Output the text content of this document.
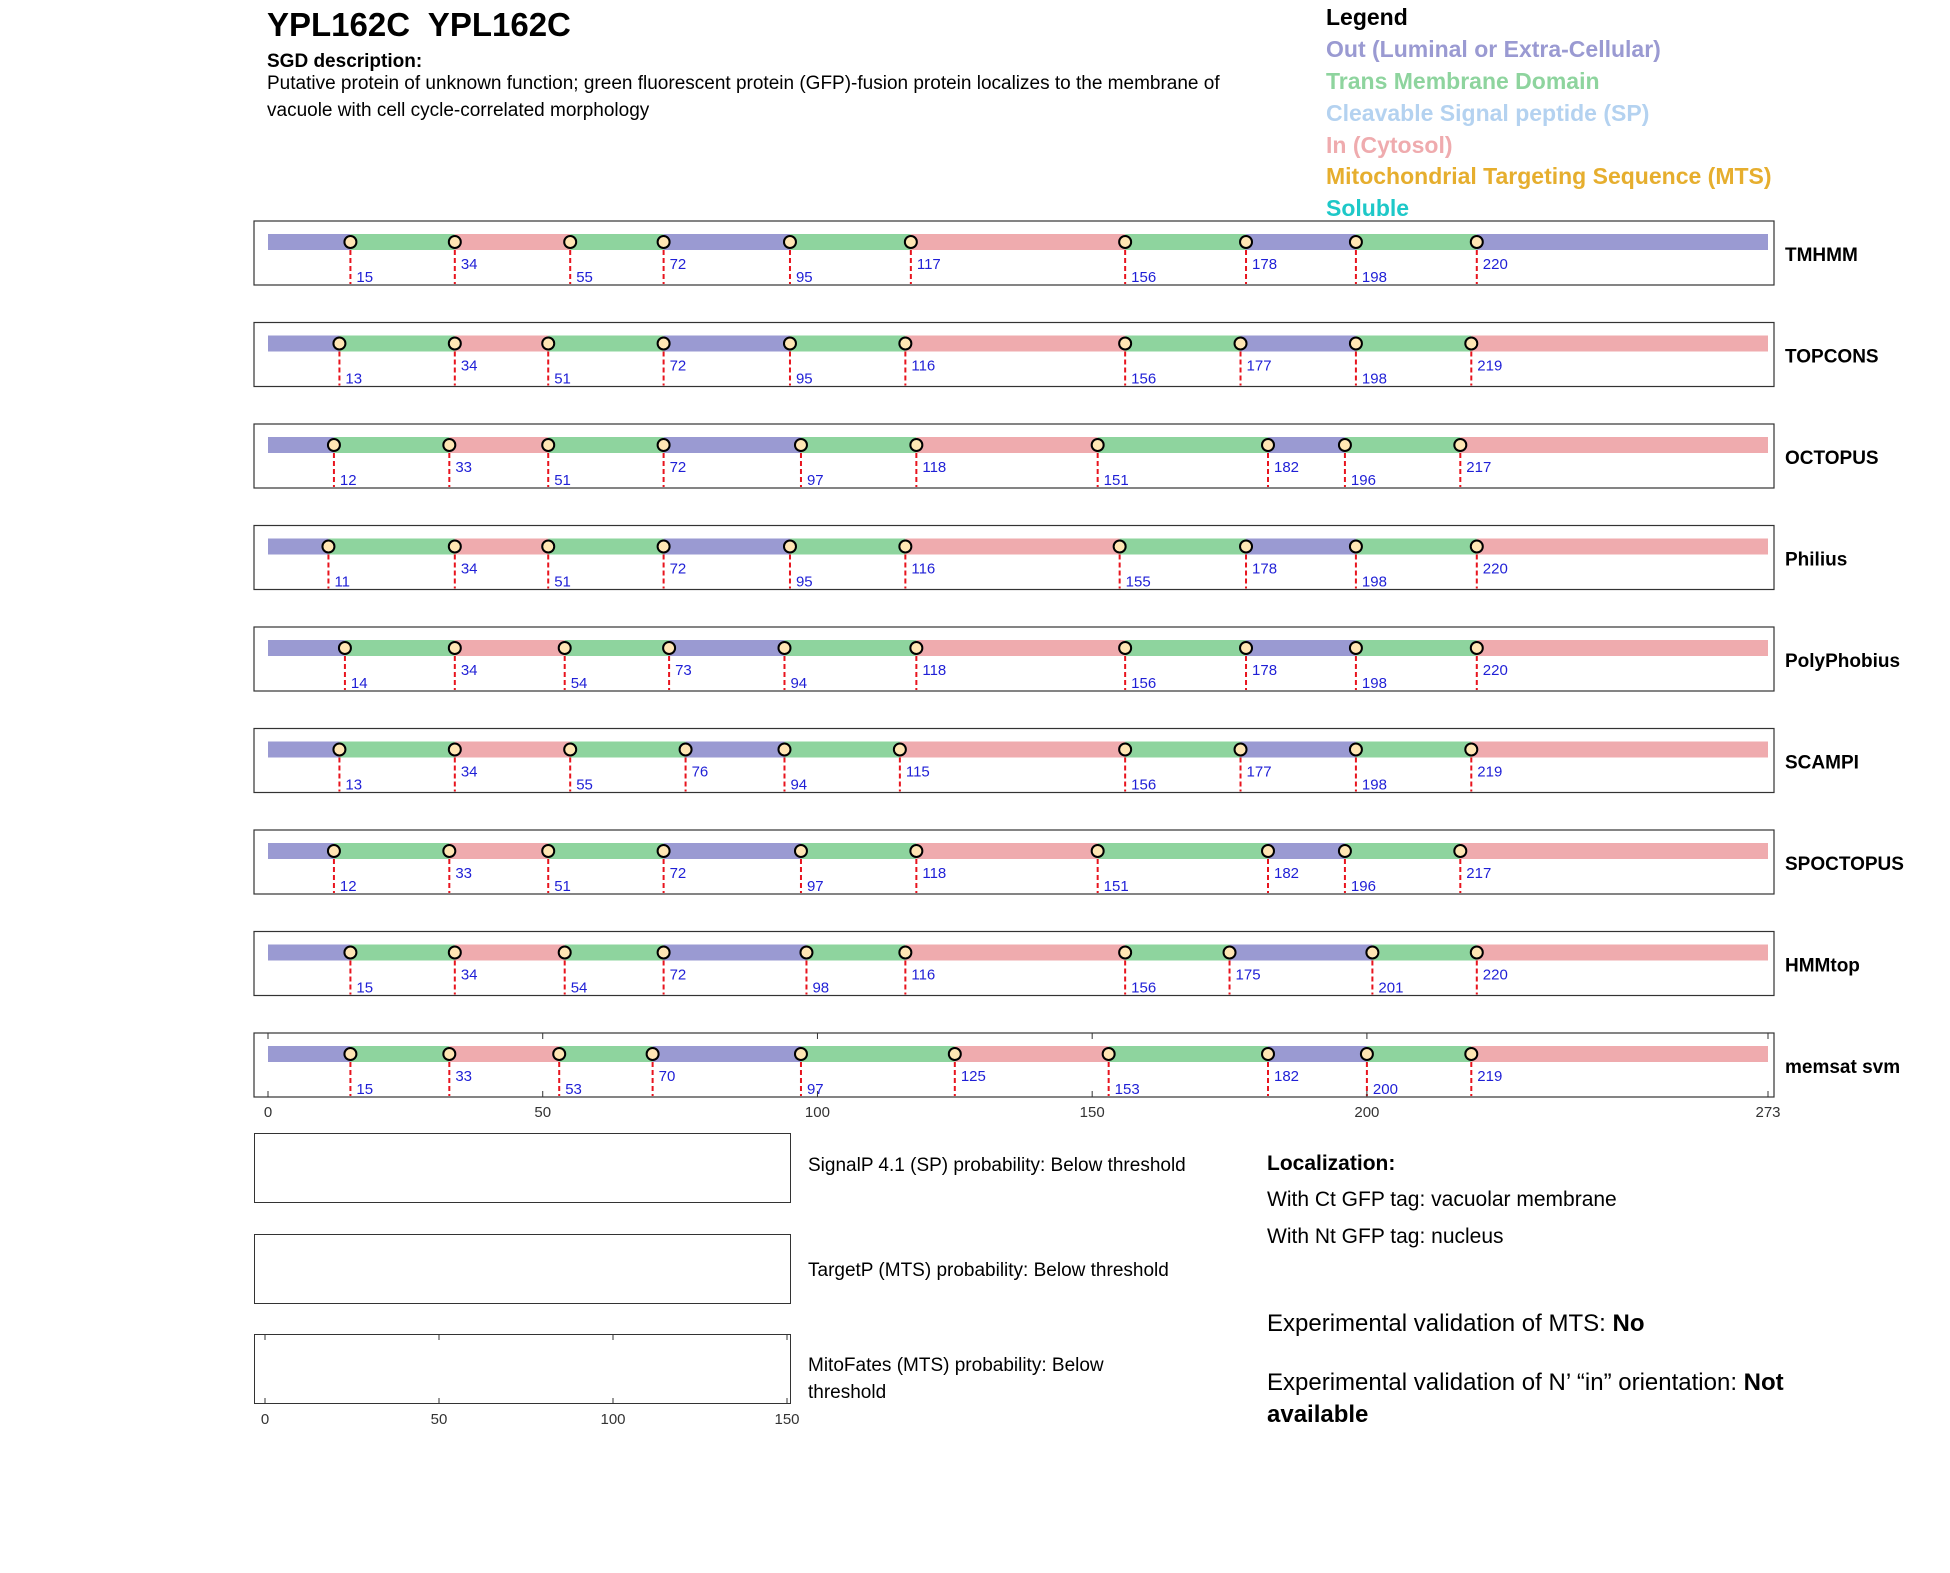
YPL162C  YPL162C
SGD description:
Putative protein of unknown function; green fluorescent protein (GFP)-fusion protein localizes to the membrane of vacuole with cell cycle-correlated morphology
Legend
Out (Luminal or Extra-Cellular)
Trans Membrane Domain
Cleavable Signal peptide (SP)
In (Cytosol)
Mitochondrial Targeting Sequence (MTS)
Soluble
15
34
55
72
95
117
156
178
198
220	TMHMM
13
34
51
72
95
116
156
177
198
219	TOPCONS
12
33
51
72
97
118
151
182
196
217	OCTOPUS
11
34
51
72
95
116
155
178
198
220	Philius
14
34
54
73
94
118
156
178
198
220	PolyPhobius
13
34
55
76
94
115
156
177
198
219	SCAMPI
12
33
51
72
97
118
151
182
196
217	SPOCTOPUS
15
34
54
72
98
116
156
175
201
220	HMMtop
15
33
53
70
97
125
153
182
200
219	memsat svm
0	50	100	150	200	273
0	50	100	150
SignalP 4.1 (SP) probability: Below threshold
TargetP (MTS) probability: Below threshold
MitoFates (MTS) probability: Below threshold
Localization:
With Ct GFP tag: vacuolar membrane
With Nt GFP tag: nucleus
Experimental validation of MTS: No
Experimental validation of N’ “in” orientation: Not available
